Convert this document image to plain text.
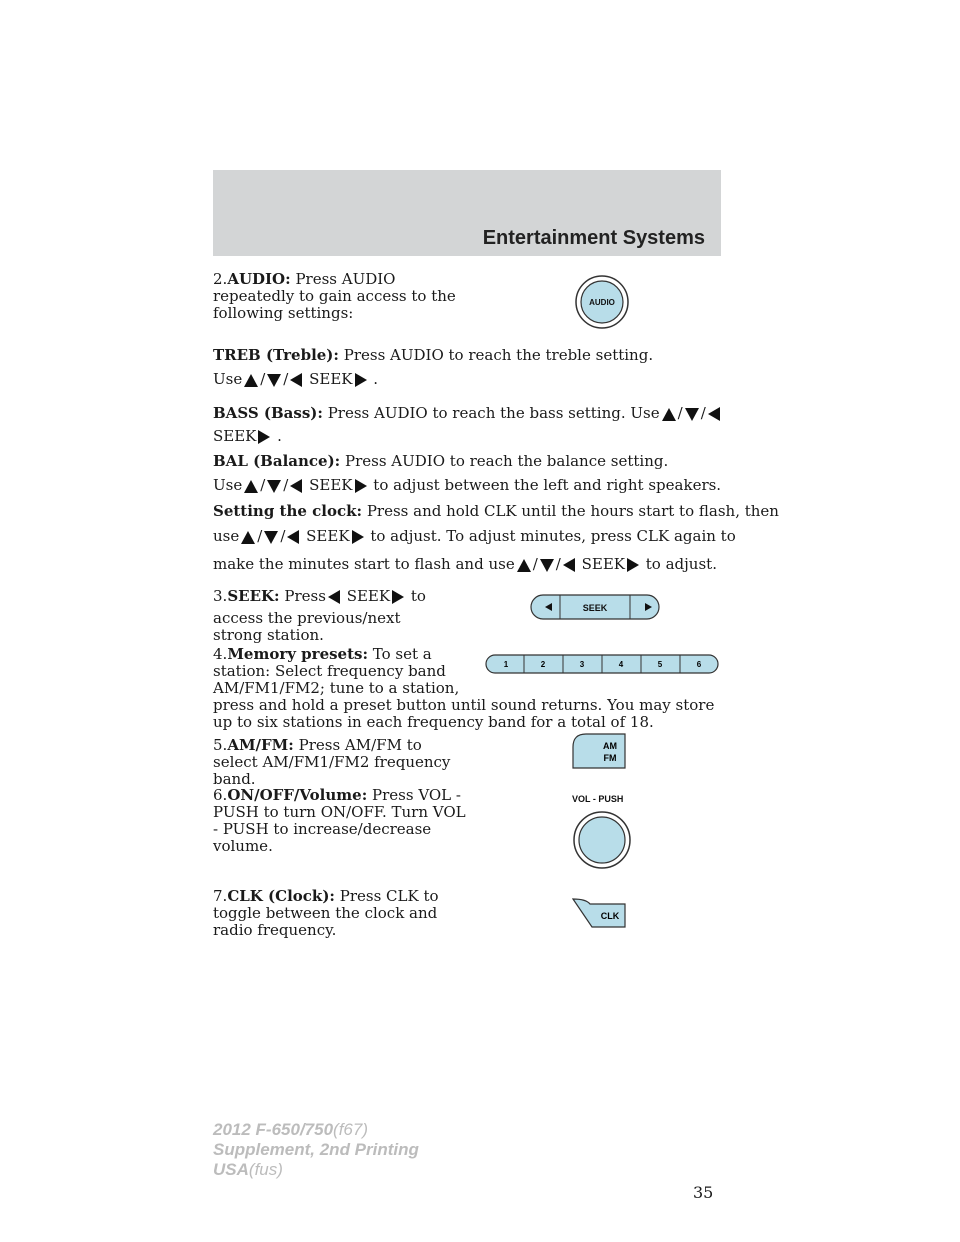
Entertainment Systems
2.AUDIO: Press AUDIO repeatedly to gain access to the following settings:
AUDIO
TREB (Treble): Press AUDIO to reach the treble setting.
Use / / SEEK .
BASS (Bass): Press AUDIO to reach the bass setting. Use / /
SEEK .
BAL (Balance): Press AUDIO to reach the balance setting.
Use / / SEEK to adjust between the left and right speakers.
Setting the clock: Press and hold CLK until the hours start to flash, then
use / / SEEK to adjust. To adjust minutes, press CLK again to
make the minutes start to flash and use / / SEEK to adjust.
3.SEEK: Press SEEK to
access the previous/next strong station.
SEEK
4.Memory presets: To set a station: Select frequency band AM/FM1/FM2; tune to a station,
press and hold a preset button until sound returns. You may store up to six stations in each frequency band for a total of 18.
1	2	3	4	5	6
5.AM/FM: Press AM/FM to select AM/FM1/FM2 frequency band.
AM
FM
6.ON/OFF/Volume: Press VOL - PUSH to turn ON/OFF. Turn VOL - PUSH to increase/decrease volume.
VOL - PUSH
7.CLK (Clock): Press CLK to toggle between the clock and radio frequency.
CLK
35
2012 F-650/750(f67)
Supplement, 2nd Printing
USA(fus)
